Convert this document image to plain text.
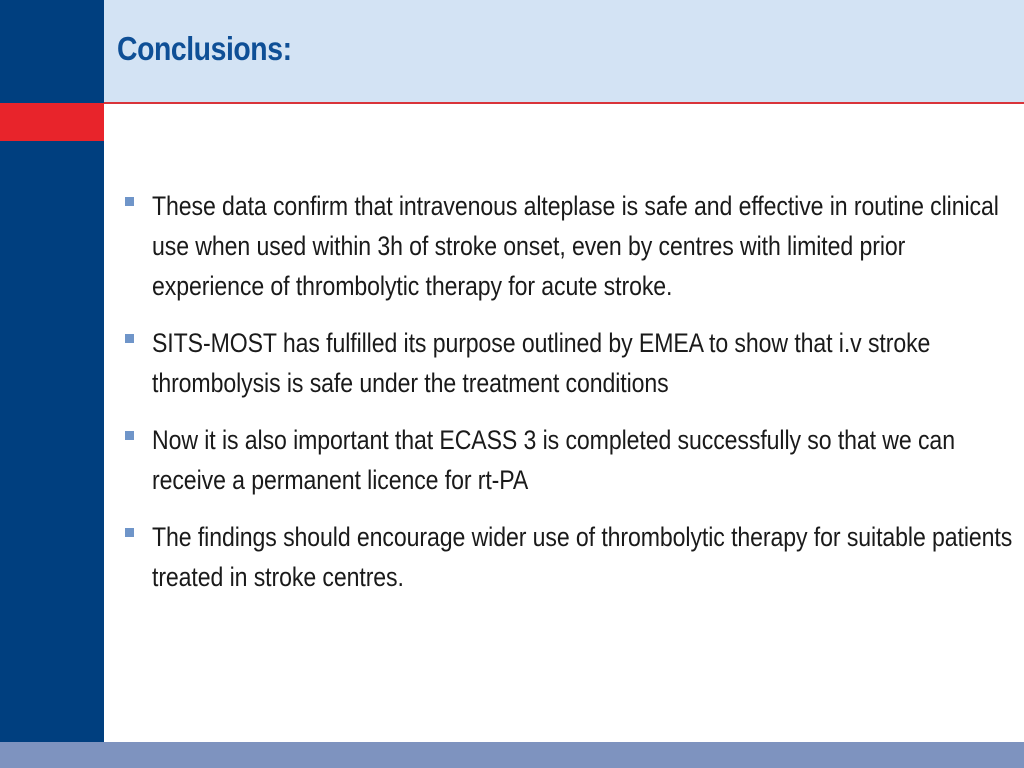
Conclusions:
These data confirm that intravenous alteplase is safe and effective in routine clinical use when used within 3h of stroke onset, even by centres with limited prior experience of thrombolytic therapy for acute stroke.
SITS-MOST has fulfilled its purpose outlined by EMEA to show that i.v stroke thrombolysis is safe under the treatment conditions
Now it is also important that ECASS 3 is completed successfully so that we can receive a permanent licence for rt-PA
The findings should encourage wider use of thrombolytic therapy for suitable patients treated in stroke centres.
